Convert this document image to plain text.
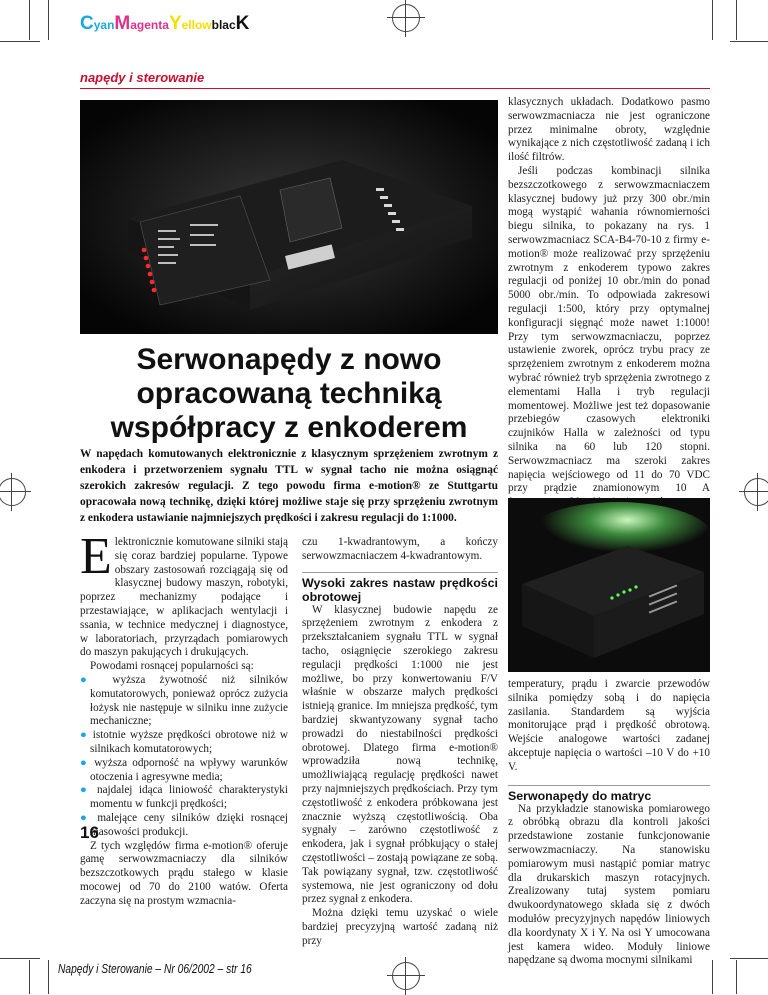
CyanMagentaYellowblacK
napędy i sterowanie
Serwonapędy z nowo
opracowaną techniką
współpracy z enkoderem
W napędach komutowanych elektronicznie z klasycznym sprzężeniem zwrotnym z enkodera i przetworzeniem sygnału TTL w sygnał tacho nie można osiągnąć szerokich zakresów regulacji. Z tego powodu firma e-motion® ze Stuttgartu opracowała nową technikę, dzięki której możliwe staje się przy sprzężeniu zwrotnym z enkodera ustawianie najmniejszych prędkości i zakresu regulacji do 1:1000.

Elektronicznie komutowane silniki stają się coraz bardziej popularne. Typowe obszary zastosowań rozciągają się od klasycznej budowy maszyn, robotyki, poprzez mechanizmy podające i przestawiające, w aplikacjach wentylacji i ssania, w technice medycznej i diagnostyce, w laboratoriach, przyrządach pomiarowych do maszyn pakujących i drukujących.

Powodami rosnącej popularności są:

● wyższa żywotność niż silników komutatorowych, ponieważ oprócz zużycia łożysk nie następuje w silniku inne zużycie mechaniczne;

● istotnie wyższe prędkości obrotowe niż w silnikach komutatorowych;

● wyższa odporność na wpływy warunków otoczenia i agresywne media;

● najdalej idąca liniowość charakterystyki momentu w funkcji prędkości;

● malejące ceny silników dzięki rosnącej masowości produkcji.

Z tych względów firma e-motion® oferuje gamę serwowzmacniaczy dla silników bezszczotkowych prądu stałego w klasie mocowej od 70 do 2100 watów. Oferta zaczyna się na prostym wzmacnia-

czu 1-kwadrantowym, a kończy serwowzmacniaczem 4-kwadrantowym.

Wysoki zakres nastaw prędkości obrotowej

W klasycznej budowie napędu ze sprzężeniem zwrotnym z enkodera z przekształcaniem sygnału TTL w sygnał tacho, osiągnięcie szerokiego zakresu regulacji prędkości 1:1000 nie jest możliwe, bo przy konwertowaniu F/V właśnie w obszarze małych prędkości istnieją granice. Im mniejsza prędkość, tym bardziej skwantyzowany sygnał tacho prowadzi do niestabilności prędkości obrotowej. Dlatego firma e-motion® wprowadziła nową technikę, umożliwiającą regulację prędkości nawet przy najmniejszych prędkościach. Przy tym częstotliwość z enkodera próbkowana jest znacznie wyższą częstotliwością. Oba sygnały – zarówno częstotliwość z enkodera, jak i sygnał próbkujący o stałej częstotliwości – zostają powiązane ze sobą. Tak powiązany sygnał, tzw. częstotliwość systemowa, nie jest ograniczony od dołu przez sygnał z enkodera.

Można dzięki temu uzyskać o wiele bardziej precyzyjną wartość zadaną niż przy

klasycznych układach. Dodatkowo pasmo serwowzmacniacza nie jest ograniczone przez minimalne obroty, względnie wynikające z nich częstotliwość zadaną i ich ilość filtrów.

Jeśli podczas kombinacji silnika bezszczotkowego z serwowzmacniaczem klasycznej budowy już przy 300 obr./min mogą wystąpić wahania równomierności biegu silnika, to pokazany na rys. 1 serwowzmacniacz SCA-B4-70-10 z firmy e-motion® może realizować przy sprzężeniu zwrotnym z enkoderem typowo zakres regulacji od poniżej 10 obr./min do ponad 5000 obr./min. To odpowiada zakresowi regulacji 1:500, który przy optymalnej konfiguracji sięgnąć może nawet 1:1000! Przy tym serwowzmacniaczu, poprzez ustawienie zworek, oprócz trybu pracy ze sprzężeniem zwrotnym z enkoderem można wybrać również tryb sprzężenia zwrotnego z elementami Halla i tryb regulacji momentowej. Możliwe jest też dopasowanie przebiegów czasowych elektroniki czujników Halla w zależności od typu silnika na 60 lub 120 stopni. Serwowzmacniacz ma szeroki zakres napięcia wejściowego od 11 do 70 VDC przy prądzie znamionowym 10 A

temperatury, prądu i zwarcie przewodów silnika pomiędzy sobą i do napięcia zasilania. Standardem są wyjścia monitorujące prąd i prędkość obrotową. Wejście analogowe wartości zadanej akceptuje napięcia o wartości –10 V do +10 V.

Serwonapędy do matryc

Na przykładzie stanowiska pomiarowego z obróbką obrazu dla kontroli jakości przedstawione zostanie funkcjonowanie serwowzmacniaczy. Na stanowisku pomiarowym musi nastąpić pomiar matryc dla drukarskich maszyn rotacyjnych. Zrealizowany tutaj system pomiaru dwukoordynatowego składa się z dwóch modułów precyzyjnych napędów liniowych dla koordynaty X i Y. Na osi Y umocowana jest kamera wideo. Moduły liniowe napędzane są dwoma mocnymi silnikami

16
Napędy i Sterowanie – Nr 06/2002 – str 16
